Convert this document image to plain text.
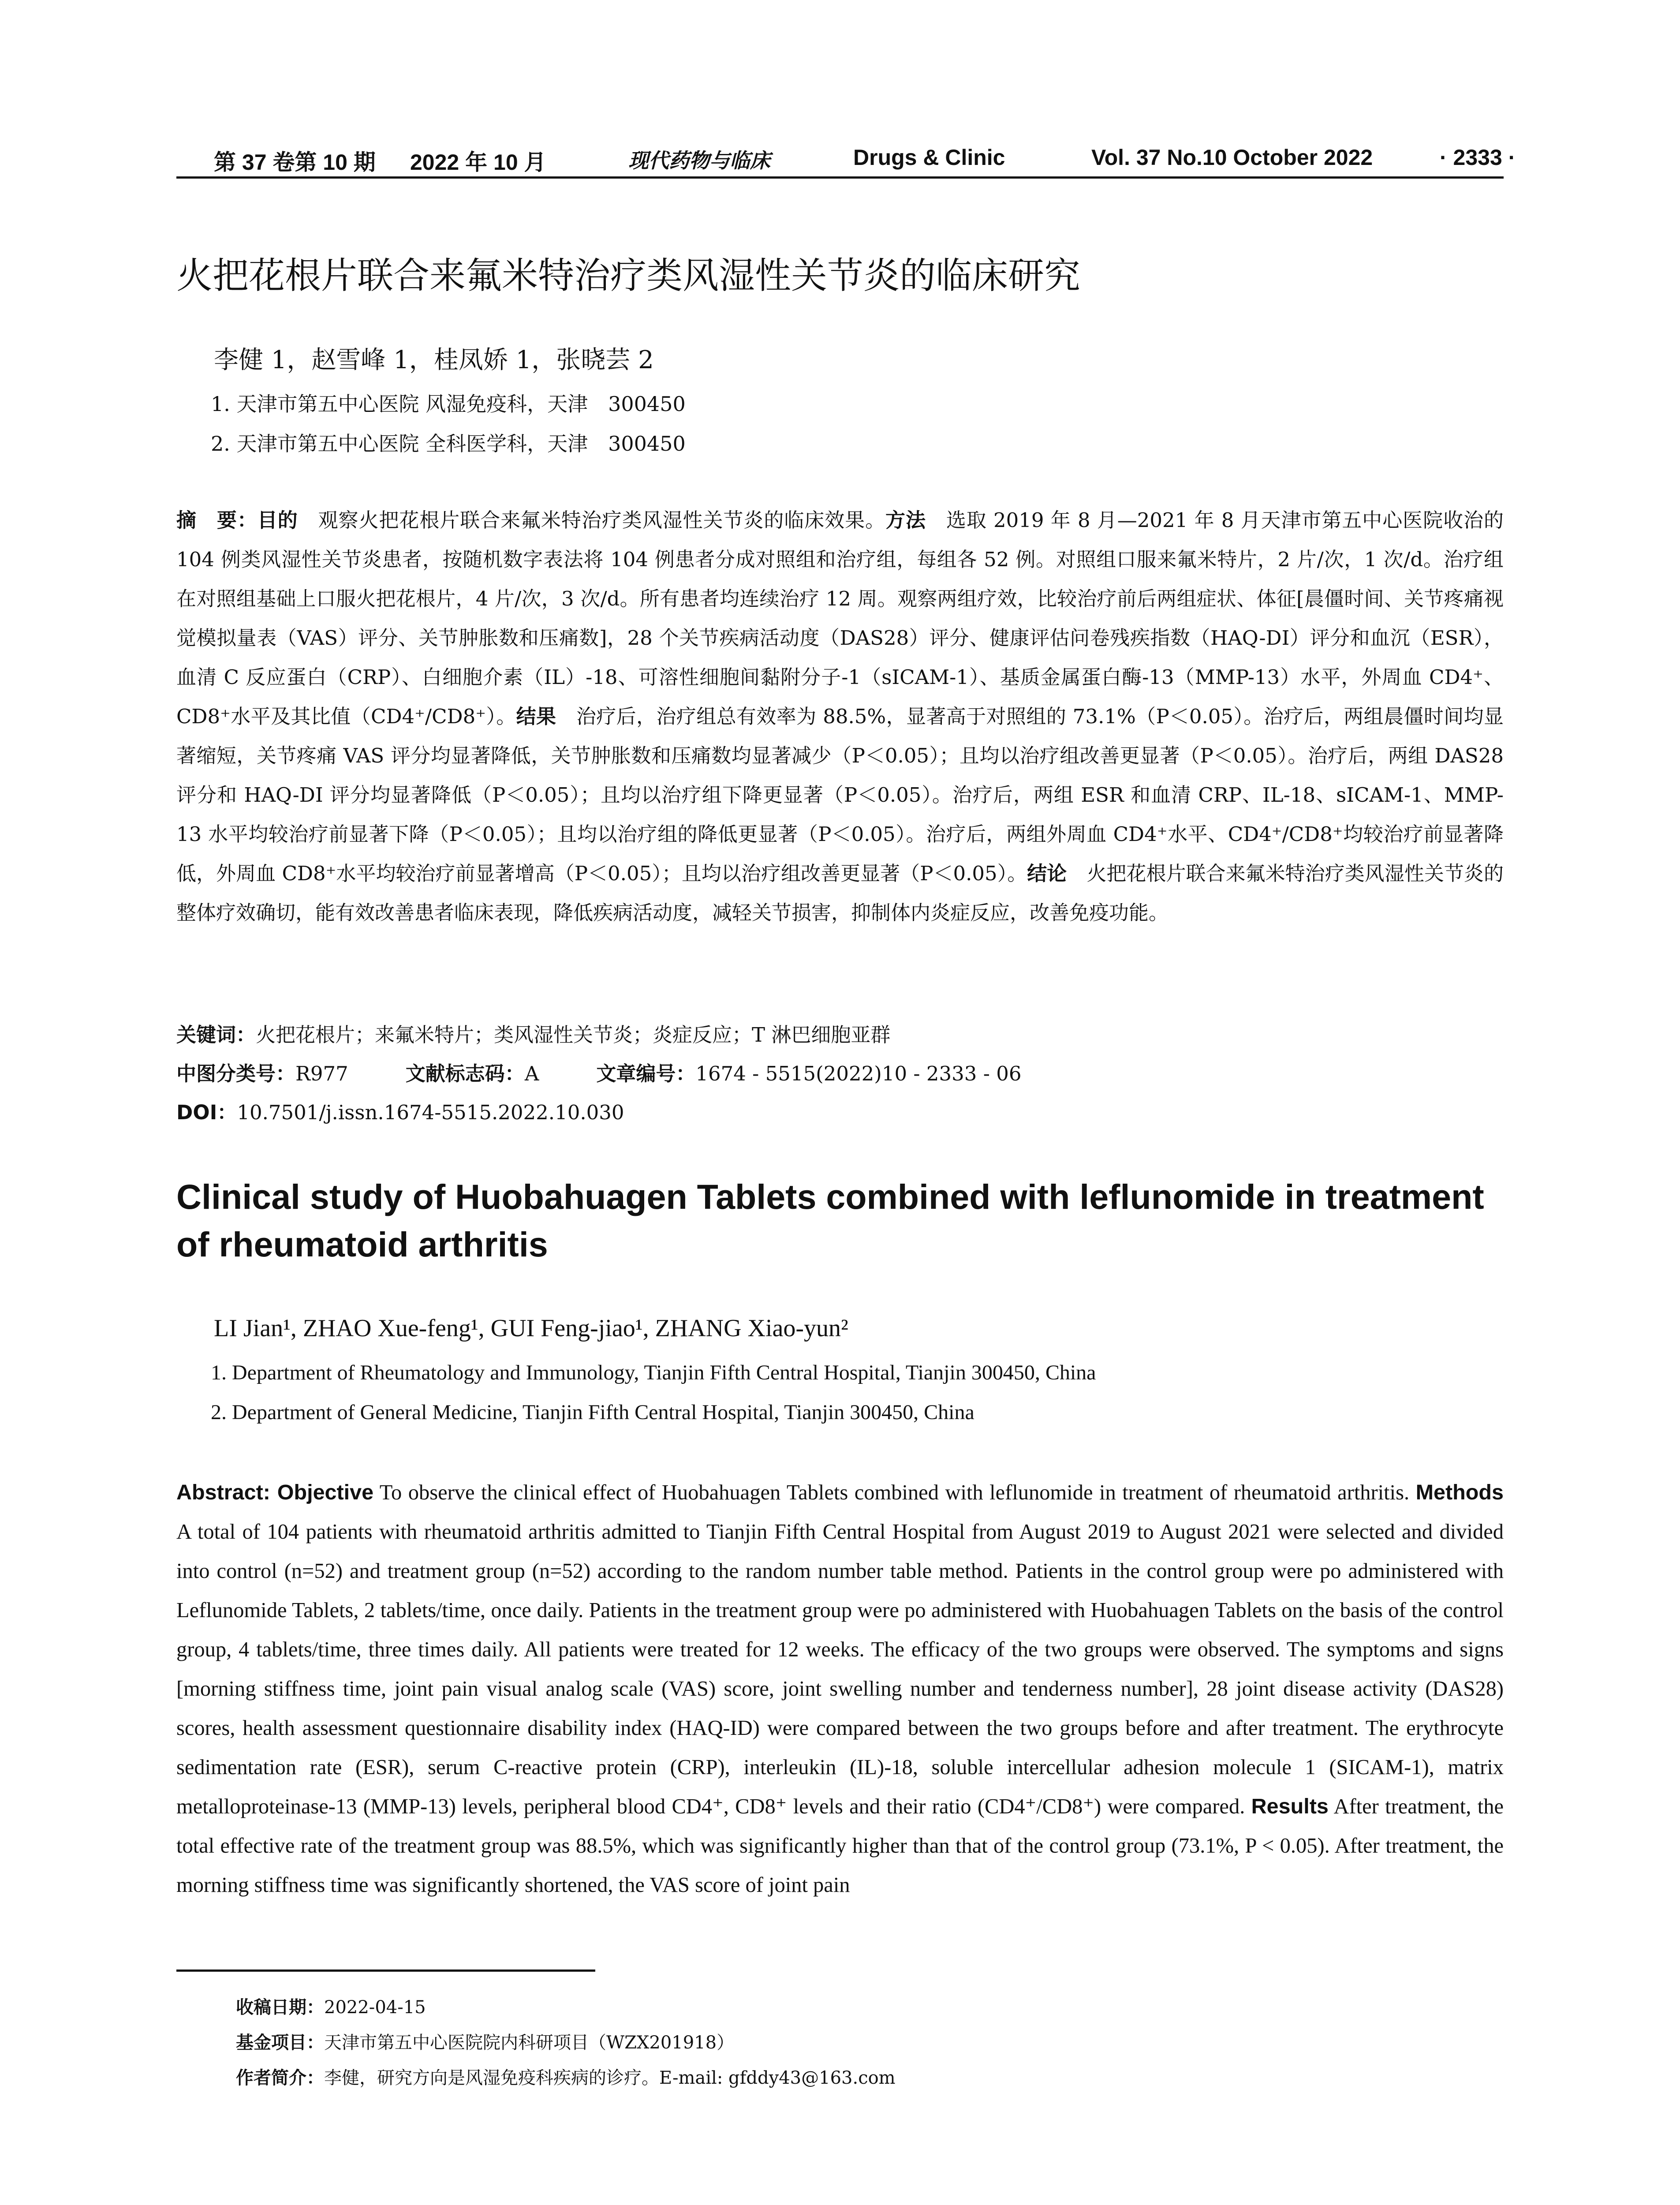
第 37 卷第 10 期 2022 年 10 月	现代药物与临床	Drugs & Clinic	Vol. 37 No.10 October 2022	· 2333 ·
火把花根片联合来氟米特治疗类风湿性关节炎的临床研究
李健 1，赵雪峰 1，桂凤娇 1，张晓芸 2
1. 天津市第五中心医院 风湿免疫科，天津　300450
2. 天津市第五中心医院 全科医学科，天津　300450
摘　要：目的　观察火把花根片联合来氟米特治疗类风湿性关节炎的临床效果。方法　选取 2019 年 8 月—2021 年 8 月天津市第五中心医院收治的 104 例类风湿性关节炎患者，按随机数字表法将 104 例患者分成对照组和治疗组，每组各 52 例。对照组口服来氟米特片，2 片/次，1 次/d。治疗组在对照组基础上口服火把花根片，4 片/次，3 次/d。所有患者均连续治疗 12 周。观察两组疗效，比较治疗前后两组症状、体征[晨僵时间、关节疼痛视觉模拟量表（VAS）评分、关节肿胀数和压痛数]，28 个关节疾病活动度（DAS28）评分、健康评估问卷残疾指数（HAQ-DI）评分和血沉（ESR），血清 C 反应蛋白（CRP）、白细胞介素（IL）-18、可溶性细胞间黏附分子-1（sICAM-1）、基质金属蛋白酶-13（MMP-13）水平，外周血 CD4⁺、CD8⁺水平及其比值（CD4⁺/CD8⁺）。结果　治疗后，治疗组总有效率为 88.5%，显著高于对照组的 73.1%（P＜0.05）。治疗后，两组晨僵时间均显著缩短，关节疼痛 VAS 评分均显著降低，关节肿胀数和压痛数均显著减少（P＜0.05）；且均以治疗组改善更显著（P＜0.05）。治疗后，两组 DAS28 评分和 HAQ-DI 评分均显著降低（P＜0.05）；且均以治疗组下降更显著（P＜0.05）。治疗后，两组 ESR 和血清 CRP、IL-18、sICAM-1、MMP-13 水平均较治疗前显著下降（P＜0.05）；且均以治疗组的降低更显著（P＜0.05）。治疗后，两组外周血 CD4⁺水平、CD4⁺/CD8⁺均较治疗前显著降低，外周血 CD8⁺水平均较治疗前显著增高（P＜0.05）；且均以治疗组改善更显著（P＜0.05）。结论　火把花根片联合来氟米特治疗类风湿性关节炎的整体疗效确切，能有效改善患者临床表现，降低疾病活动度，减轻关节损害，抑制体内炎症反应，改善免疫功能。
关键词：火把花根片；来氟米特片；类风湿性关节炎；炎症反应；T 淋巴细胞亚群
中图分类号：R977	文献标志码：A	文章编号：1674 - 5515(2022)10 - 2333 - 06
DOI：10.7501/j.issn.1674-5515.2022.10.030
Clinical study of Huobahuagen Tablets combined with leflunomide in treatment of rheumatoid arthritis
LI Jian¹, ZHAO Xue-feng¹, GUI Feng-jiao¹, ZHANG Xiao-yun²
1. Department of Rheumatology and Immunology, Tianjin Fifth Central Hospital, Tianjin 300450, China
2. Department of General Medicine, Tianjin Fifth Central Hospital, Tianjin 300450, China
Abstract: Objective To observe the clinical effect of Huobahuagen Tablets combined with leflunomide in treatment of rheumatoid arthritis. Methods A total of 104 patients with rheumatoid arthritis admitted to Tianjin Fifth Central Hospital from August 2019 to August 2021 were selected and divided into control (n=52) and treatment group (n=52) according to the random number table method. Patients in the control group were po administered with Leflunomide Tablets, 2 tablets/time, once daily. Patients in the treatment group were po administered with Huobahuagen Tablets on the basis of the control group, 4 tablets/time, three times daily. All patients were treated for 12 weeks. The efficacy of the two groups were observed. The symptoms and signs [morning stiffness time, joint pain visual analog scale (VAS) score, joint swelling number and tenderness number], 28 joint disease activity (DAS28) scores, health assessment questionnaire disability index (HAQ-ID) were compared between the two groups before and after treatment. The erythrocyte sedimentation rate (ESR), serum C-reactive protein (CRP), interleukin (IL)-18, soluble intercellular adhesion molecule 1 (SICAM-1), matrix metalloproteinase-13 (MMP-13) levels, peripheral blood CD4⁺, CD8⁺ levels and their ratio (CD4⁺/CD8⁺) were compared. Results After treatment, the total effective rate of the treatment group was 88.5%, which was significantly higher than that of the control group (73.1%, P < 0.05). After treatment, the morning stiffness time was significantly shortened, the VAS score of joint pain
收稿日期：2022-04-15
基金项目：天津市第五中心医院院内科研项目（WZX201918）
作者简介：李健，研究方向是风湿免疫科疾病的诊疗。E-mail: gfddy43@163.com
